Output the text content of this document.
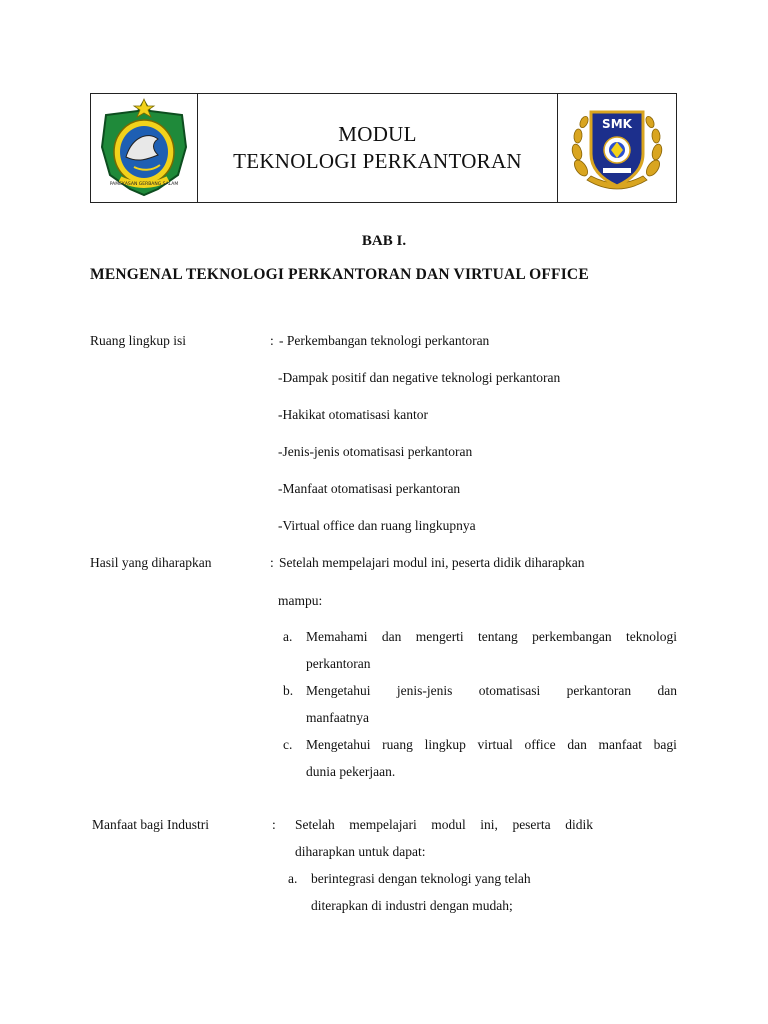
PAMEKASAN GERBANG SALAM
MODUL
TEKNOLOGI PERKANTORAN
SMK
BAB I.
MENGENAL TEKNOLOGI PERKANTORAN DAN VIRTUAL OFFICE
Ruang lingkup isi	: - Perkembangan teknologi perkantoran
-Dampak positif dan negative teknologi perkantoran
-Hakikat otomatisasi kantor
-Jenis-jenis otomatisasi perkantoran
-Manfaat otomatisasi perkantoran
-Virtual office dan ruang lingkupnya
Hasil yang diharapkan	: Setelah mempelajari modul ini, peserta didik diharapkan
mampu:
a. Memahami dan mengerti tentang perkembangan teknologi
perkantoran
b. Mengetahui jenis-jenis otomatisasi perkantoran dan
manfaatnya
c. Mengetahui ruang lingkup virtual office dan manfaat bagi
dunia pekerjaan.
Manfaat bagi Industri	: Setelah mempelajari modul ini, peserta didik
diharapkan untuk dapat:
a. berintegrasi dengan teknologi yang telah
diterapkan di industri dengan mudah;
